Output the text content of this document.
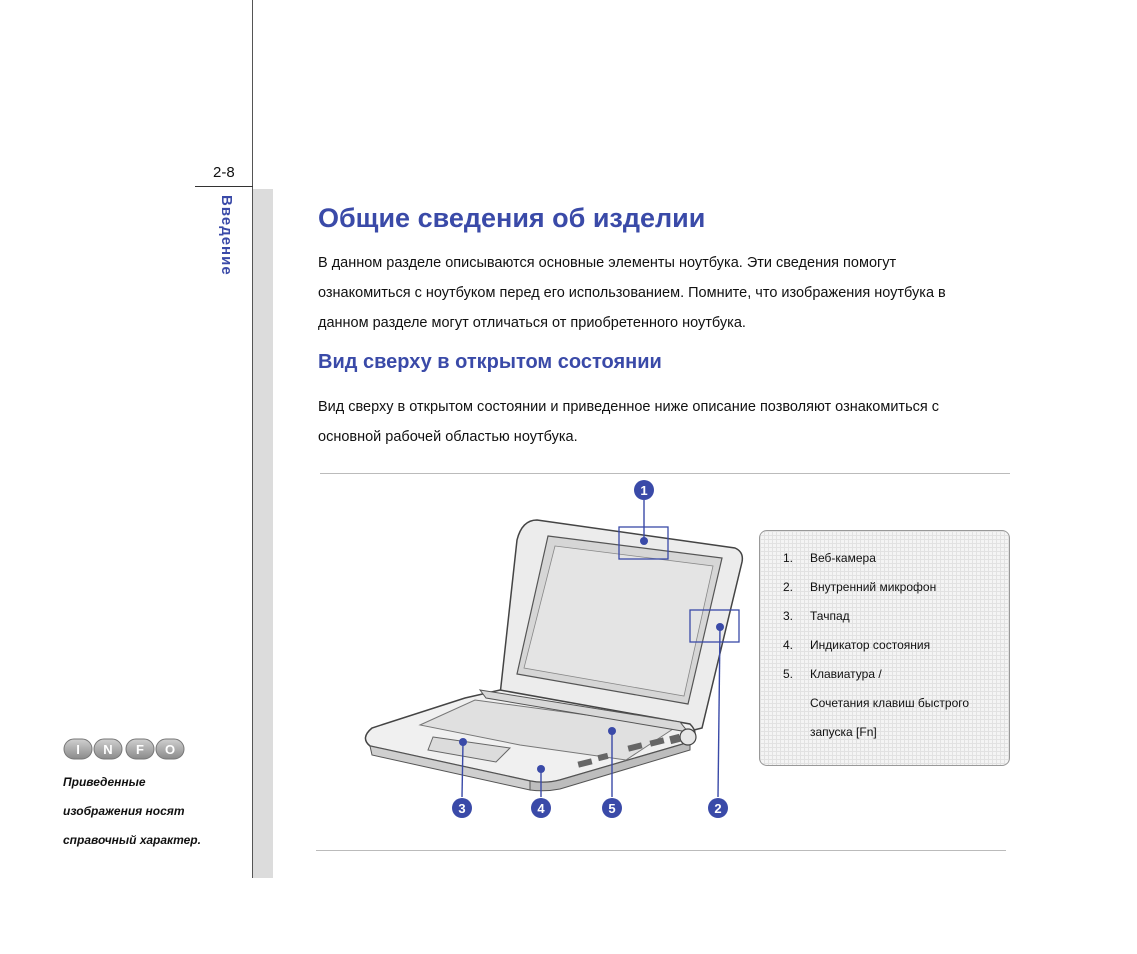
2-8
Введение	Общие сведения об изделии

В данном разделе описываются основные элементы ноутбука. Эти сведения помогут
ознакомиться с ноутбуком перед его использованием. Помните, что изображения ноутбука в
данном разделе могут отличаться от приобретенного ноутбука.

Вид сверху в открытом состоянии

Вид сверху в открытом состоянии и приведенное ниже описание позволяют ознакомиться с
основной рабочей областью ноутбука.

1
2
3	4	5
1. Веб-камера
2. Внутренний микрофон
3. Тачпад
4. Индикатор состояния
5. Клавиатура /
Сочетания клавиш быстрого
запуска [Fn]
I N F O
Приведенные
изображения носят
справочный характер.
